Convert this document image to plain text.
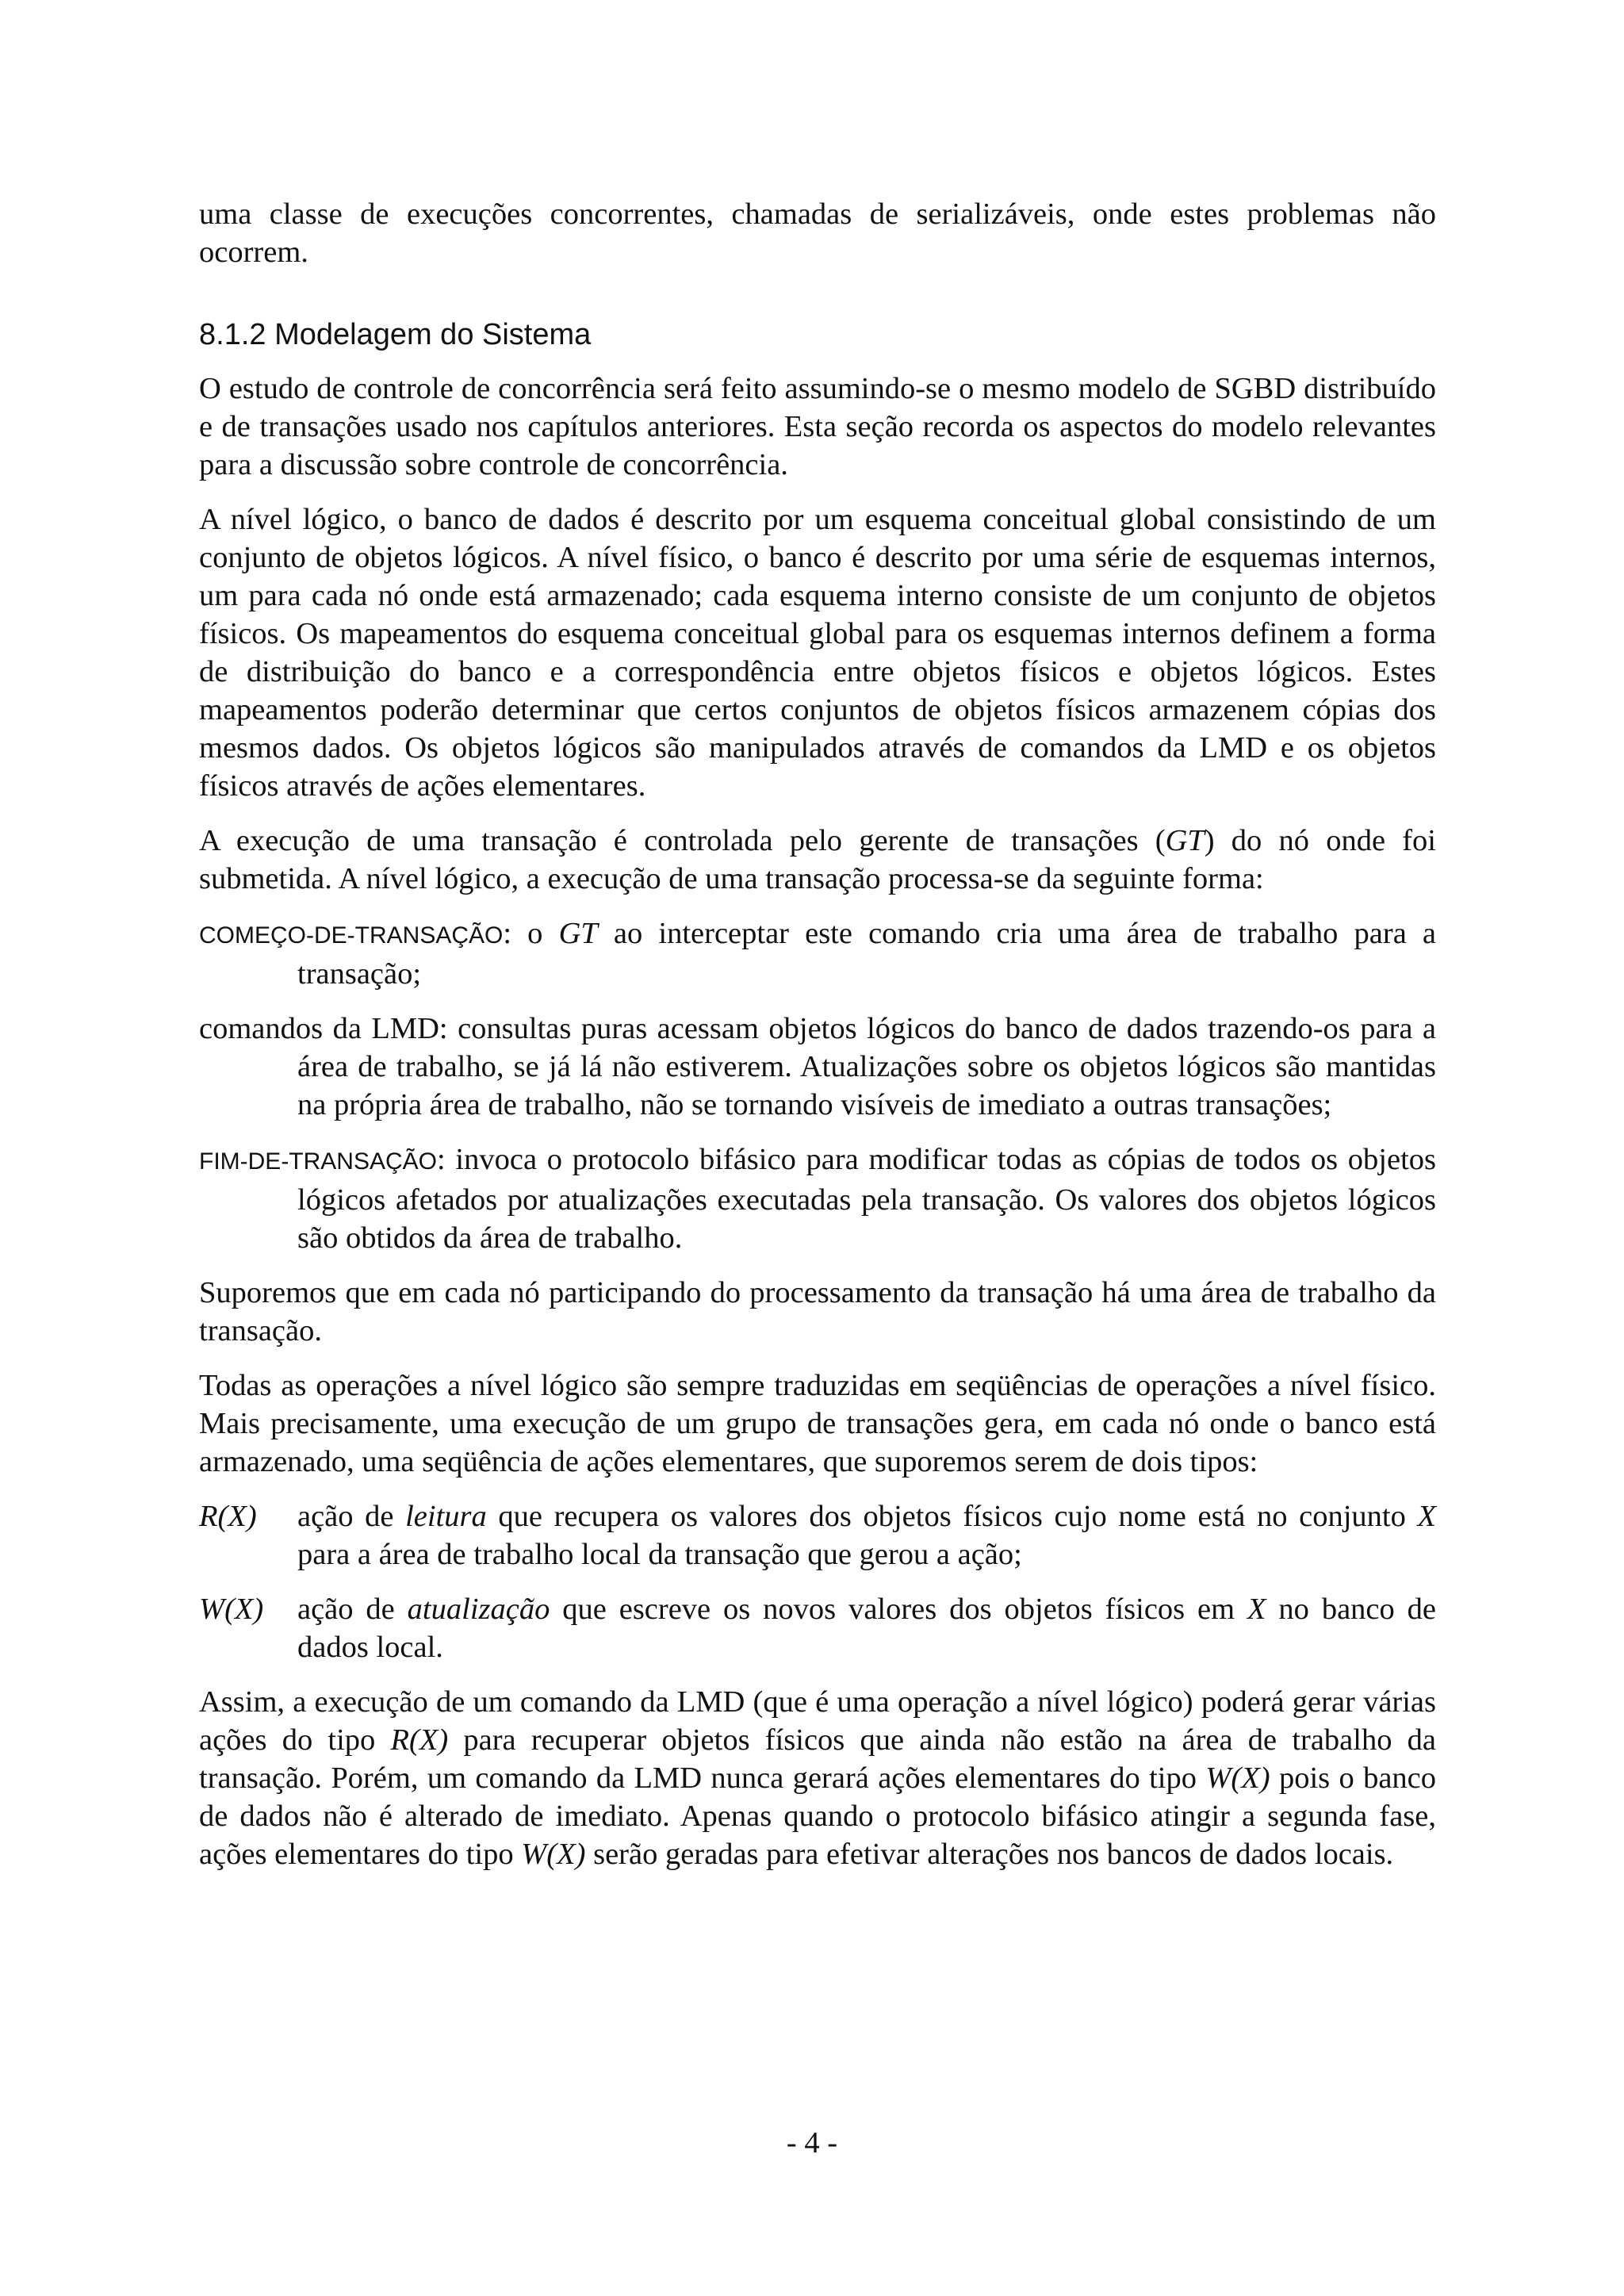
uma classe de execuções concorrentes, chamadas de serializáveis, onde estes problemas não ocorrem.

8.1.2 Modelagem do Sistema

O estudo de controle de concorrência será feito assumindo-se o mesmo modelo de SGBD distribuído e de transações usado nos capítulos anteriores. Esta seção recorda os aspectos do modelo relevantes para a discussão sobre controle de concorrência.

A nível lógico, o banco de dados é descrito por um esquema conceitual global consistindo de um conjunto de objetos lógicos. A nível físico, o banco é descrito por uma série de esquemas internos, um para cada nó onde está armazenado; cada esquema interno consiste de um conjunto de objetos físicos. Os mapeamentos do esquema conceitual global para os esquemas internos definem a forma de distribuição do banco e a correspondência entre objetos físicos e objetos lógicos. Estes mapeamentos poderão determinar que certos conjuntos de objetos físicos armazenem cópias dos mesmos dados. Os objetos lógicos são manipulados através de comandos da LMD e os objetos físicos através de ações elementares.

A execução de uma transação é controlada pelo gerente de transações (GT) do nó onde foi submetida. A nível lógico, a execução de uma transação processa-se da seguinte forma:

COMEÇO-DE-TRANSAÇÃO: o GT ao interceptar este comando cria uma área de trabalho para a transação;

comandos da LMD: consultas puras acessam objetos lógicos do banco de dados trazendo-os para a área de trabalho, se já lá não estiverem. Atualizações sobre os objetos lógicos são mantidas na própria área de trabalho, não se tornando visíveis de imediato a outras transações;

FIM-DE-TRANSAÇÃO: invoca o protocolo bifásico para modificar todas as cópias de todos os objetos lógicos afetados por atualizações executadas pela transação. Os valores dos objetos lógicos são obtidos da área de trabalho.

Suporemos que em cada nó participando do processamento da transação há uma área de trabalho da transação.

Todas as operações a nível lógico são sempre traduzidas em seqüências de operações a nível físico. Mais precisamente, uma execução de um grupo de transações gera, em cada nó onde o banco está armazenado, uma seqüência de ações elementares, que suporemos serem de dois tipos:

R(X)	ação de leitura que recupera os valores dos objetos físicos cujo nome está no conjunto X para a área de trabalho local da transação que gerou a ação;
W(X)	ação de atualização que escreve os novos valores dos objetos físicos em X no banco de dados local.

Assim, a execução de um comando da LMD (que é uma operação a nível lógico) poderá gerar várias ações do tipo R(X) para recuperar objetos físicos que ainda não estão na área de trabalho da transação. Porém, um comando da LMD nunca gerará ações elementares do tipo W(X) pois o banco de dados não é alterado de imediato. Apenas quando o protocolo bifásico atingir a segunda fase, ações elementares do tipo W(X) serão geradas para efetivar alterações nos bancos de dados locais.

- 4 -
